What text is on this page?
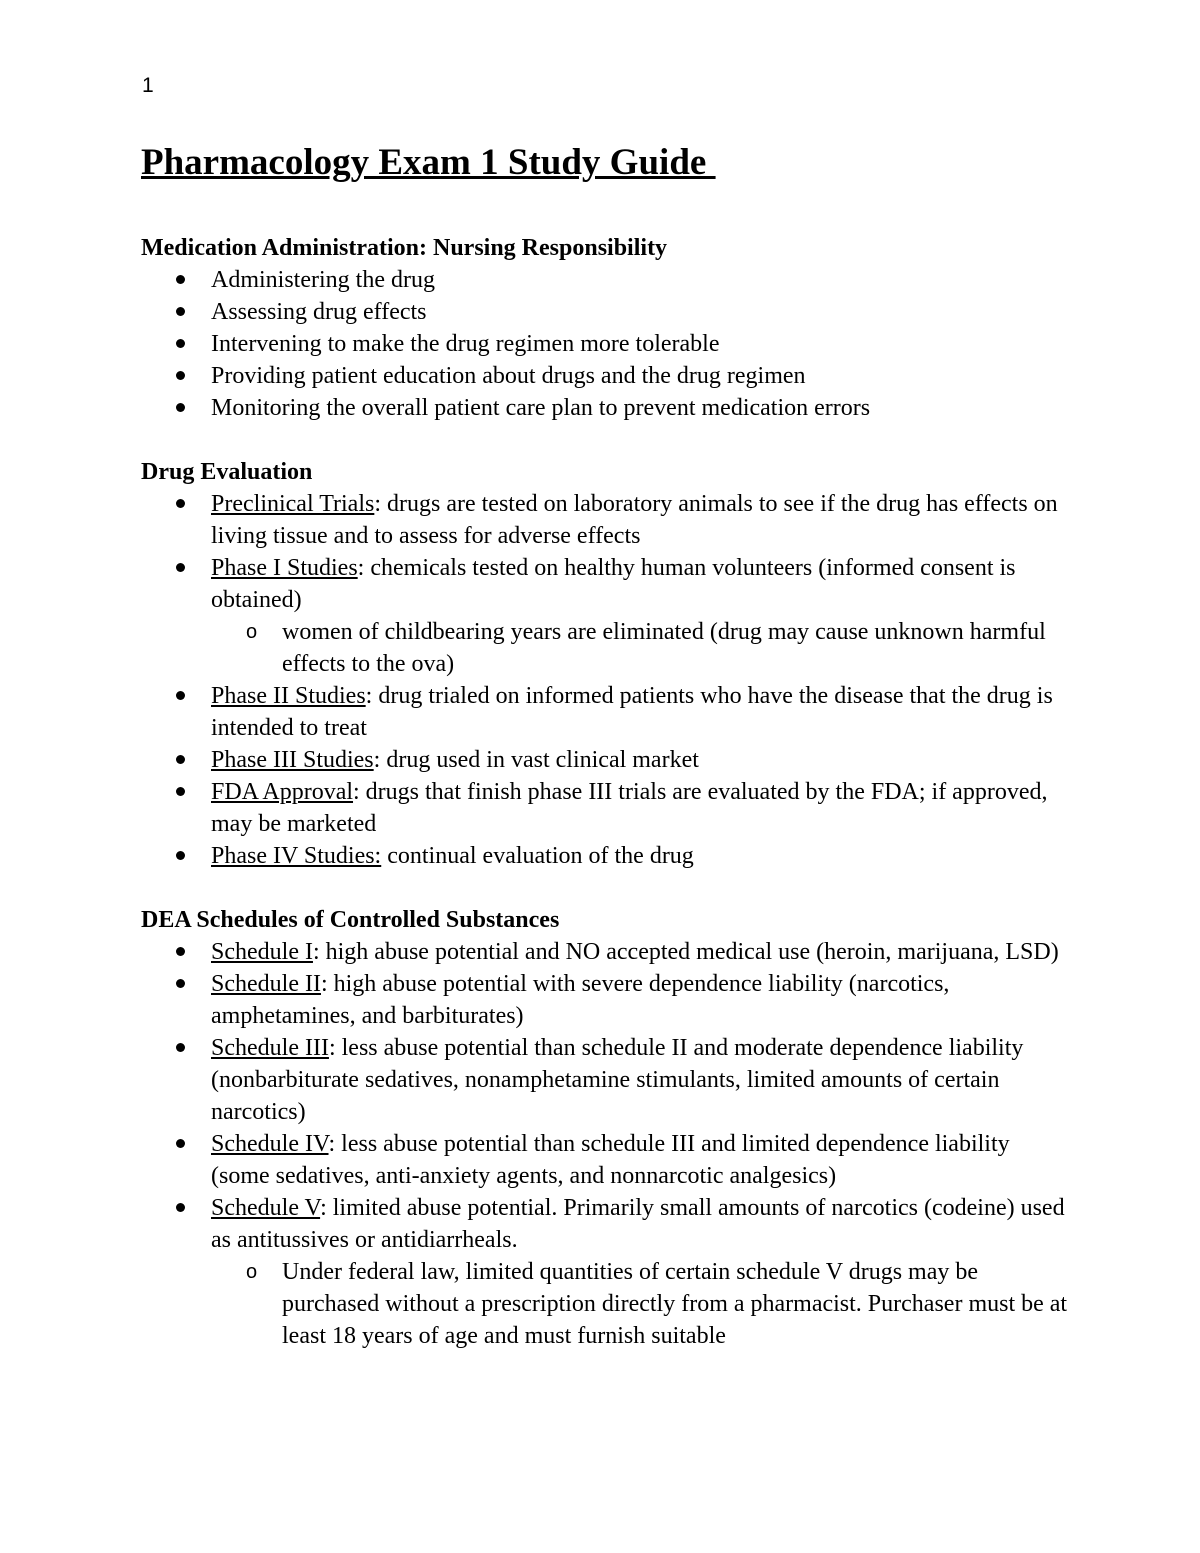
1
Pharmacology Exam 1 Study Guide
Medication Administration: Nursing Responsibility
Administering the drug
Assessing drug effects
Intervening to make the drug regimen more tolerable
Providing patient education about drugs and the drug regimen
Monitoring the overall patient care plan to prevent medication errors
Drug Evaluation
Preclinical Trials: drugs are tested on laboratory animals to see if the drug has effects on living tissue and to assess for adverse effects
Phase I Studies: chemicals tested on healthy human volunteers (informed consent is obtained)
o women of childbearing years are eliminated (drug may cause unknown harmful effects to the ova)
Phase II Studies: drug trialed on informed patients who have the disease that the drug is intended to treat
Phase III Studies: drug used in vast clinical market
FDA Approval: drugs that finish phase III trials are evaluated by the FDA; if approved, may be marketed
Phase IV Studies: continual evaluation of the drug
DEA Schedules of Controlled Substances
Schedule I: high abuse potential and NO accepted medical use (heroin, marijuana, LSD)
Schedule II: high abuse potential with severe dependence liability (narcotics, amphetamines, and barbiturates)
Schedule III: less abuse potential than schedule II and moderate dependence liability (nonbarbiturate sedatives, nonamphetamine stimulants, limited amounts of certain narcotics)
Schedule IV: less abuse potential than schedule III and limited dependence liability (some sedatives, anti-anxiety agents, and nonnarcotic analgesics)
Schedule V: limited abuse potential. Primarily small amounts of narcotics (codeine) used as antitussives or antidiarrheals.
o Under federal law, limited quantities of certain schedule V drugs may be purchased without a prescription directly from a pharmacist. Purchaser must be at least 18 years of age and must furnish suitable
